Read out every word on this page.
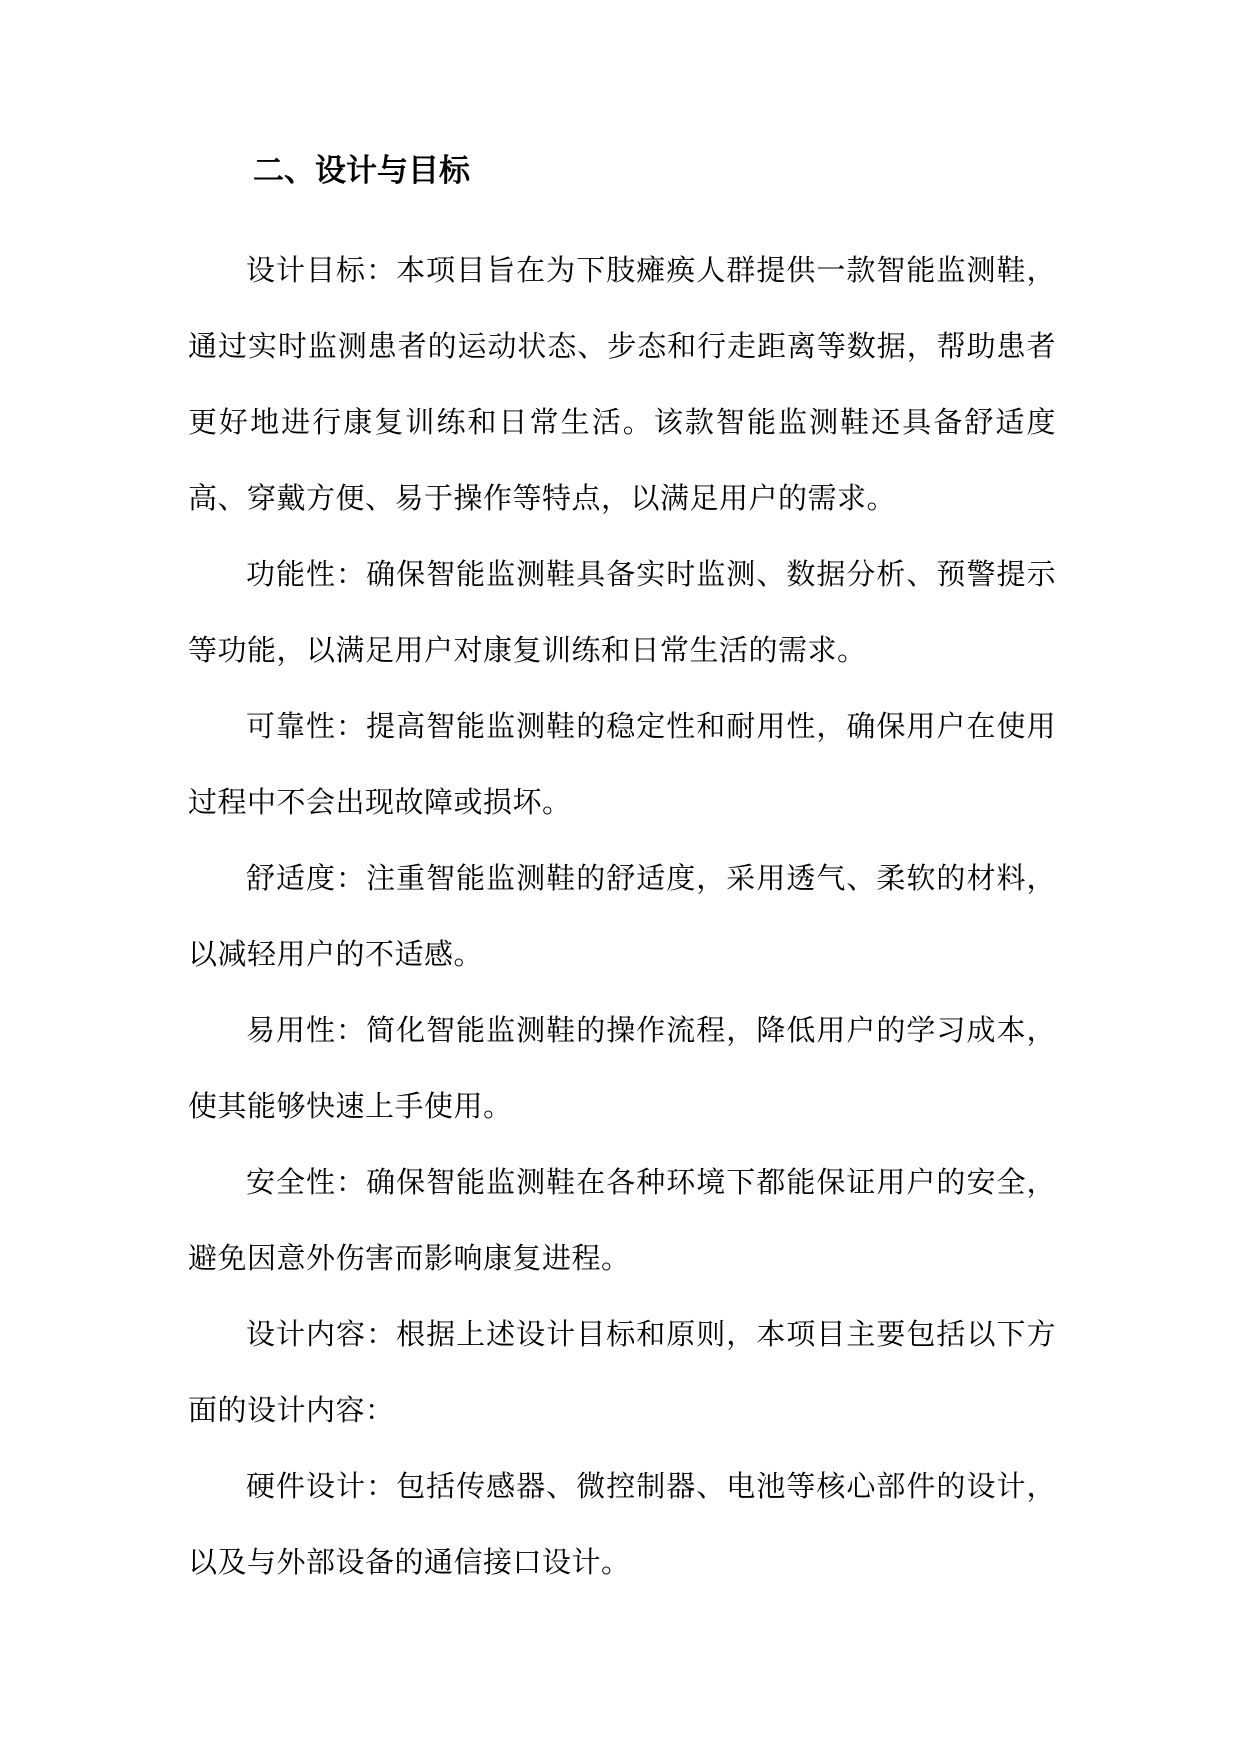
二、设计与目标

设计目标：本项目旨在为下肢瘫痪人群提供一款智能监测鞋，通过实时监测患者的运动状态、步态和行走距离等数据，帮助患者更好地进行康复训练和日常生活。该款智能监测鞋还具备舒适度高、穿戴方便、易于操作等特点，以满足用户的需求。

功能性：确保智能监测鞋具备实时监测、数据分析、预警提示等功能，以满足用户对康复训练和日常生活的需求。

可靠性：提高智能监测鞋的稳定性和耐用性，确保用户在使用过程中不会出现故障或损坏。

舒适度：注重智能监测鞋的舒适度，采用透气、柔软的材料，以减轻用户的不适感。

易用性：简化智能监测鞋的操作流程，降低用户的学习成本，使其能够快速上手使用。

安全性：确保智能监测鞋在各种环境下都能保证用户的安全，避免因意外伤害而影响康复进程。

设计内容：根据上述设计目标和原则，本项目主要包括以下方面的设计内容：

硬件设计：包括传感器、微控制器、电池等核心部件的设计，以及与外部设备的通信接口设计。
